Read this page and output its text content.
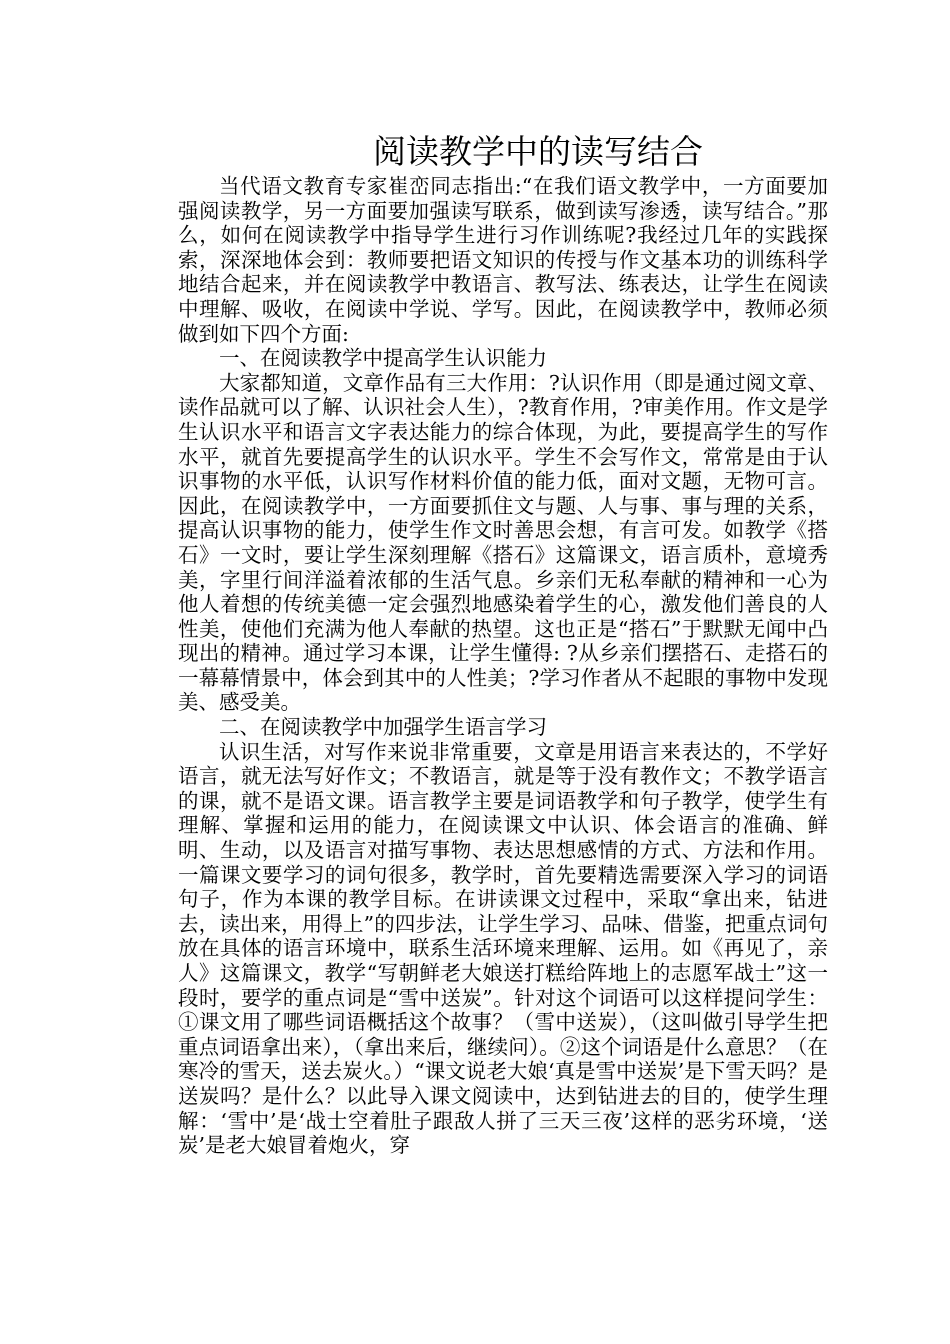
阅读教学中的读写结合

当代语文教育专家崔峦同志指出:“在我们语文教学中，一方面要加强阅读教学，另一方面要加强读写联系，做到读写渗透，读写结合。”那么，如何在阅读教学中指导学生进行习作训练呢?我经过几年的实践探索，深深地体会到：教师要把语文知识的传授与作文基本功的训练科学地结合起来，并在阅读教学中教语言、教写法、练表达，让学生在阅读中理解、吸收，在阅读中学说、学写。因此，在阅读教学中，教师必须做到如下四个方面:

一、在阅读教学中提高学生认识能力

大家都知道，文章作品有三大作用：?认识作用（即是通过阅文章、读作品就可以了解、认识社会人生），?教育作用，?审美作用。作文是学生认识水平和语言文字表达能力的综合体现，为此，要提高学生的写作水平，就首先要提高学生的认识水平。学生不会写作文，常常是由于认识事物的水平低，认识写作材料价值的能力低，面对文题，无物可言。因此，在阅读教学中，一方面要抓住文与题、人与事、事与理的关系，提高认识事物的能力，使学生作文时善思会想，有言可发。如教学《搭石》一文时，要让学生深刻理解《搭石》这篇课文，语言质朴，意境秀美，字里行间洋溢着浓郁的生活气息。乡亲们无私奉献的精神和一心为他人着想的传统美德一定会强烈地感染着学生的心，激发他们善良的人性美，使他们充满为他人奉献的热望。这也正是“搭石”于默默无闻中凸现出的精神。通过学习本课，让学生懂得: ?从乡亲们摆搭石、走搭石的一幕幕情景中，体会到其中的人性美；?学习作者从不起眼的事物中发现美、感受美。

二、在阅读教学中加强学生语言学习

认识生活，对写作来说非常重要，文章是用语言来表达的，不学好语言，就无法写好作文；不教语言，就是等于没有教作文；不教学语言的课，就不是语文课。语言教学主要是词语教学和句子教学，使学生有理解、掌握和运用的能力，在阅读课文中认识、体会语言的准确、鲜明、生动，以及语言对描写事物、表达思想感情的方式、方法和作用。一篇课文要学习的词句很多，教学时，首先要精选需要深入学习的词语句子，作为本课的教学目标。在讲读课文过程中，采取“拿出来，钻进去，读出来，用得上”的四步法，让学生学习、品味、借鉴，把重点词句放在具体的语言环境中，联系生活环境来理解、运用。如《再见了，亲人》这篇课文，教学“写朝鲜老大娘送打糕给阵地上的志愿军战士”这一段时，要学的重点词是“雪中送炭”。针对这个词语可以这样提问学生：①课文用了哪些词语概括这个故事？（雪中送炭），（这叫做引导学生把重点词语拿出来），（拿出来后，继续问）。②这个词语是什么意思？（在寒冷的雪天，送去炭火。）“课文说老大娘‘真是雪中送炭’是下雪天吗？是送炭吗？是什么？以此导入课文阅读中，达到钻进去的目的，使学生理解：‘雪中’是‘战士空着肚子跟敌人拼了三天三夜’这样的恶劣环境，‘送炭’是老大娘冒着炮火，穿
